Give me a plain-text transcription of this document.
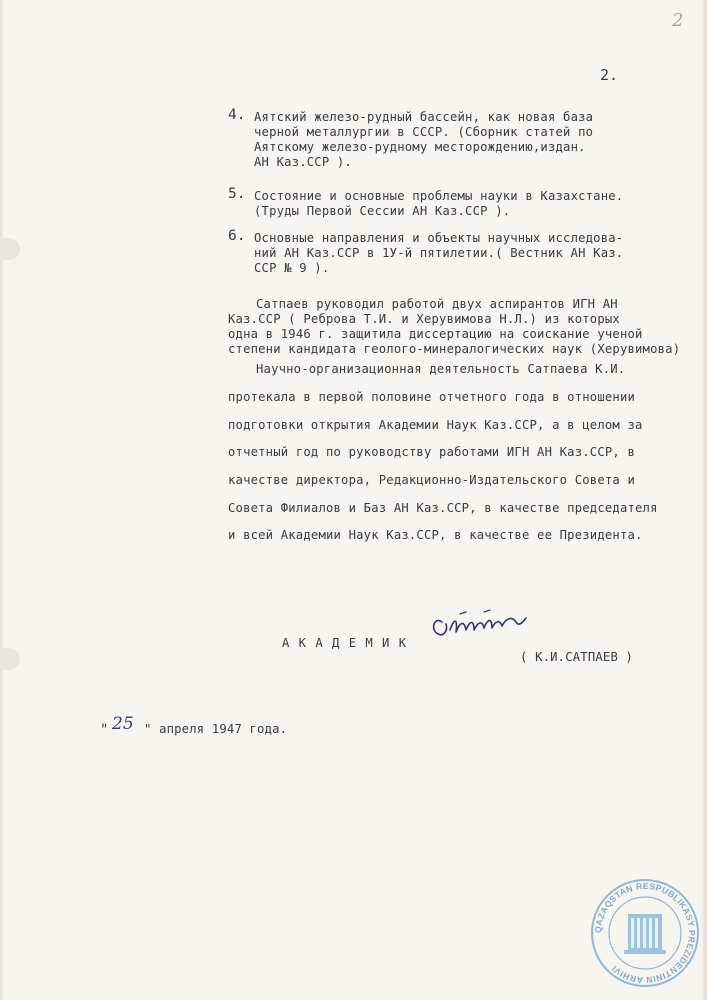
2
2.
4. Аятский железо-рудный бассейн, как новая база
черной металлургии в СССР. (Сборник статей по
Аятскому железо-рудному месторождению,издан.
АН Каз.ССР ).
5. Состояние и основные проблемы науки в Казахстане.
(Труды Первой Сессии АН Каз.ССР ).
6. Основные направления и объекты научных исследова-
ний АН Каз.ССР в 1У-й пятилетии.( Вестник АН Каз.
ССР № 9 ).
Сатпаев руководил работой двух аспирантов ИГН АН
Каз.ССР ( Реброва Т.И. и Херувимова Н.Л.) из которых
одна в 1946 г. защитила диссертацию на соискание ученой
степени кандидата геолого-минералогических наук (Херувимова)
Научно-организационная деятельность Сатпаева К.И.
протекала в первой половине отчетного года в отношении
подготовки открытия Академии Наук Каз.ССР, а в целом за
отчетный год по руководству работами ИГН АН Каз.ССР, в
качестве директора, Редакционно-Издательского Совета и
Совета Филиалов и Баз АН Каз.ССР, в качестве председателя
и всей Академии Наук Каз.ССР, в качестве ее Президента.
А К А Д Е М И К
( К.И.САТПАЕВ )
" 25 " апреля 1947 года.
QAZAQSTAN RESPUBLIKASY PREZIDENTININ ARHIVI
